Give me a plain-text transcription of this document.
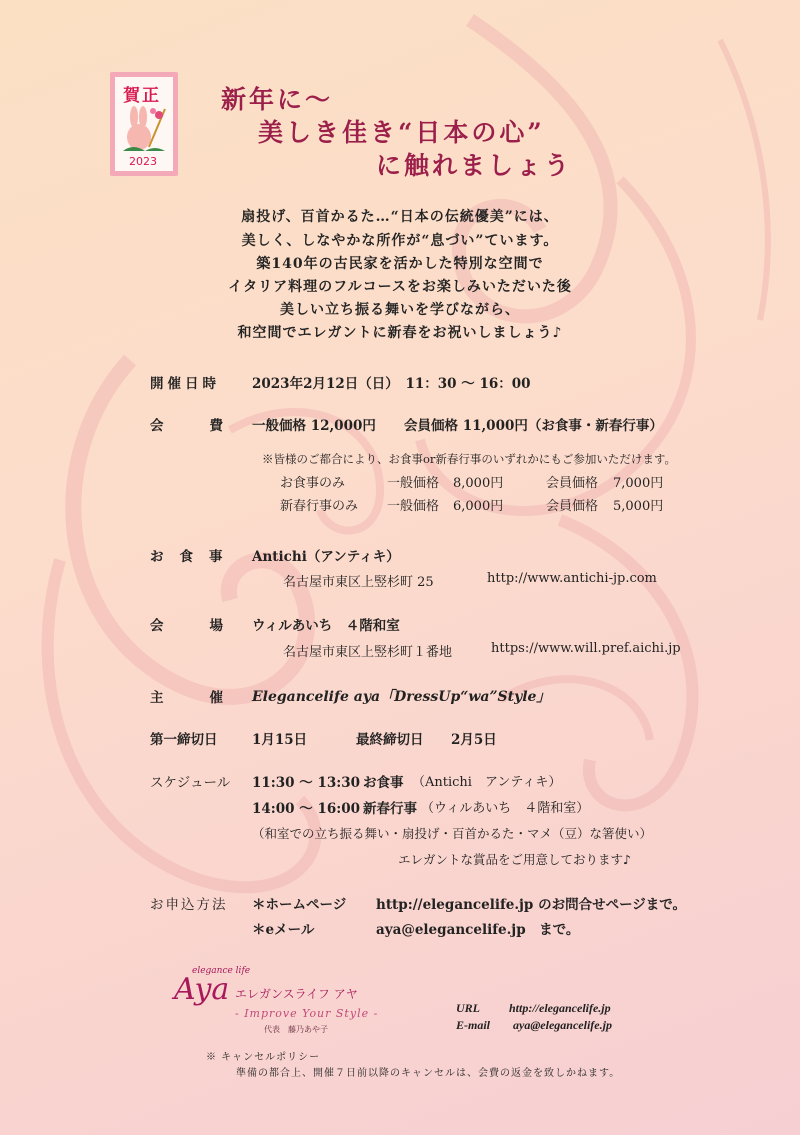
賀正
2023
新年に～
美しき佳き“日本の心”
に触れましょう
扇投げ、百首かるた…“日本の伝統優美”には、
美しく、しなやかな所作が“息づい”ています。
築140年の古民家を活かした特別な空間で
イタリア料理のフルコースをお楽しみいただいた後
美しい立ち振る舞いを学びながら、
和空間でエレガントに新春をお祝いしましょう♪
開催日時 2023年2月12日（日）　11：30 ～ 16：00
会費
一般価格 12,000円 会員価格 11,000円（お食事・新春行事）
※皆様のご都合により、お食事or新春行事のいずれかにもご参加いただけます。
お食事のみ	一般価格 8,000円	会員価格 7,000円
新春行事のみ 一般価格 6,000円	会員価格 5,000円
お食事 Antichi（アンティキ）
名古屋市東区上竪杉町 25	http://www.antichi-jp.com
会場
ウィルあいち　４階和室
名古屋市東区上竪杉町１番地	https://www.will.pref.aichi.jp
主催
Elegancelife aya「DressUp“wa”Style」
第一締切日	1月15日	最終締切日 2月5日
スケジュール 11:30 ～ 13:30 お食事 （Antichi　アンティキ）
14:00 ～ 16:00 新春行事 （ウィルあいち　４階和室）
（和室での立ち振る舞い・扇投げ・百首かるた・マメ（豆）な箸使い）
エレガントな賞品をご用意しております♪
お申込方法 ＊ホームページ http://elegancelife.jp のお問合せページまで。
＊eメール	aya@elegancelife.jp　まで。
Aya
elegance life
エレガンスライフ アヤ
- Improve Your Style -
代表　藤乃あや子
URL http://elegancelife.jp
E-mail aya@elegancelife.jp
※ キャンセルポリシー
準備の都合上、開催７日前以降のキャンセルは、会費の返金を致しかねます。
